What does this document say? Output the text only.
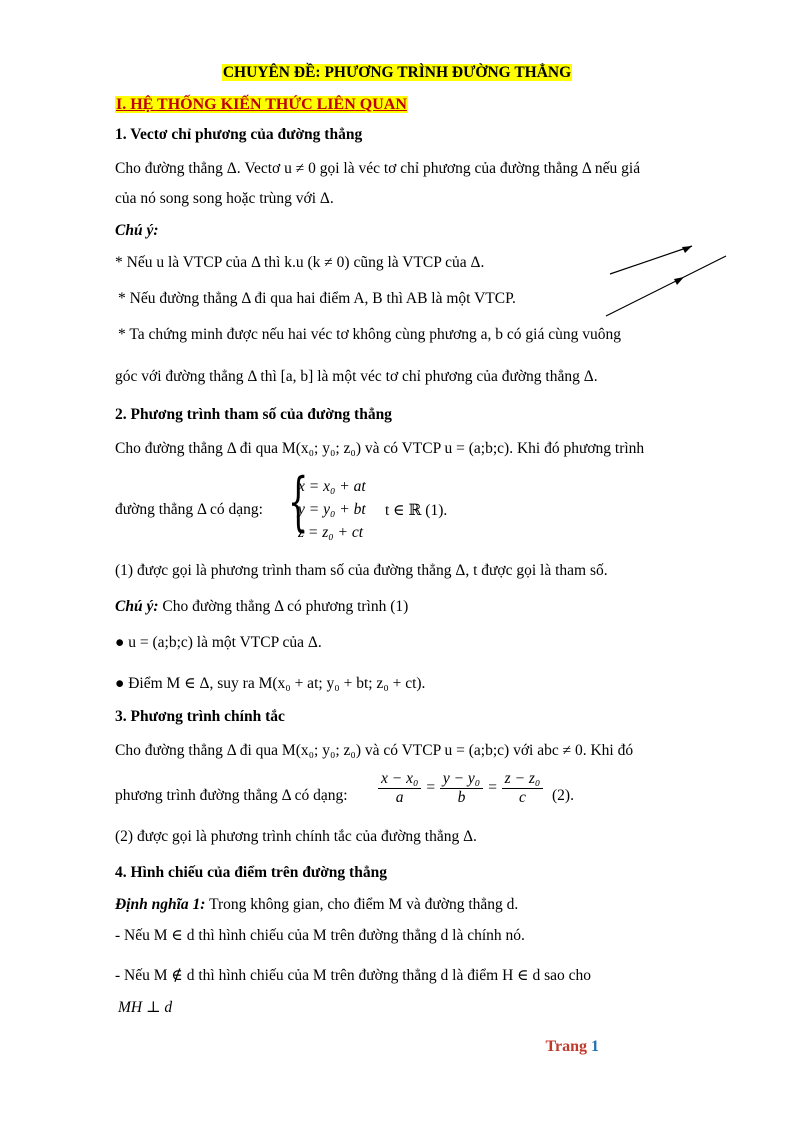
CHUYÊN ĐỀ: PHƯƠNG TRÌNH ĐƯỜNG THẲNG
I. HỆ THỐNG KIẾN THỨC LIÊN QUAN
1. Vectơ chỉ phương của đường thẳng
Cho đường thẳng Δ. Vectơ u ≠ 0 gọi là véc tơ chỉ phương của đường thẳng Δ nếu giá
của nó song song hoặc trùng với Δ.
Chú ý:
* Nếu u là VTCP của Δ thì k.u (k ≠ 0) cũng là VTCP của Δ.
* Nếu đường thẳng Δ đi qua hai điểm A, B thì AB là một VTCP.
* Ta chứng minh được nếu hai véc tơ không cùng phương a, b có giá cùng vuông
góc với đường thẳng Δ thì [a, b] là một véc tơ chỉ phương của đường thẳng Δ.
2. Phương trình tham số của đường thẳng
Cho đường thẳng Δ đi qua M(x₀; y₀; z₀) và có VTCP u = (a;b;c). Khi đó phương trình
đường thẳng Δ có dạng: {
x = x₀ + at
y = y₀ + bt
z = z₀ + ct
t ∈ ℝ (1).
(1) được gọi là phương trình tham số của đường thẳng Δ, t được gọi là tham số.
Chú ý: Cho đường thẳng Δ có phương trình (1)
● u = (a;b;c) là một VTCP của Δ.
● Điểm M ∈ Δ, suy ra M(x₀ + at; y₀ + bt; z₀ + ct).
3. Phương trình chính tắc
Cho đường thẳng Δ đi qua M(x₀; y₀; z₀) và có VTCP u = (a;b;c) với abc ≠ 0. Khi đó
phương trình đường thẳng Δ có dạng: $\frac{\text{x − x₀}}{a} = \frac{\text{y − y₀}}{b} = \frac{\text{z − z₀}}{c} (2)$.
(2) được gọi là phương trình chính tắc của đường thẳng Δ.
4. Hình chiếu của điểm trên đường thẳng
Định nghĩa 1: Trong không gian, cho điểm M và đường thẳng d.
- Nếu M ∈ d thì hình chiếu của M trên đường thẳng d là chính nó.
- Nếu M ∉ d thì hình chiếu của M trên đường thẳng d là điểm H ∈ d sao cho
MH ⊥ d
Trang 1
